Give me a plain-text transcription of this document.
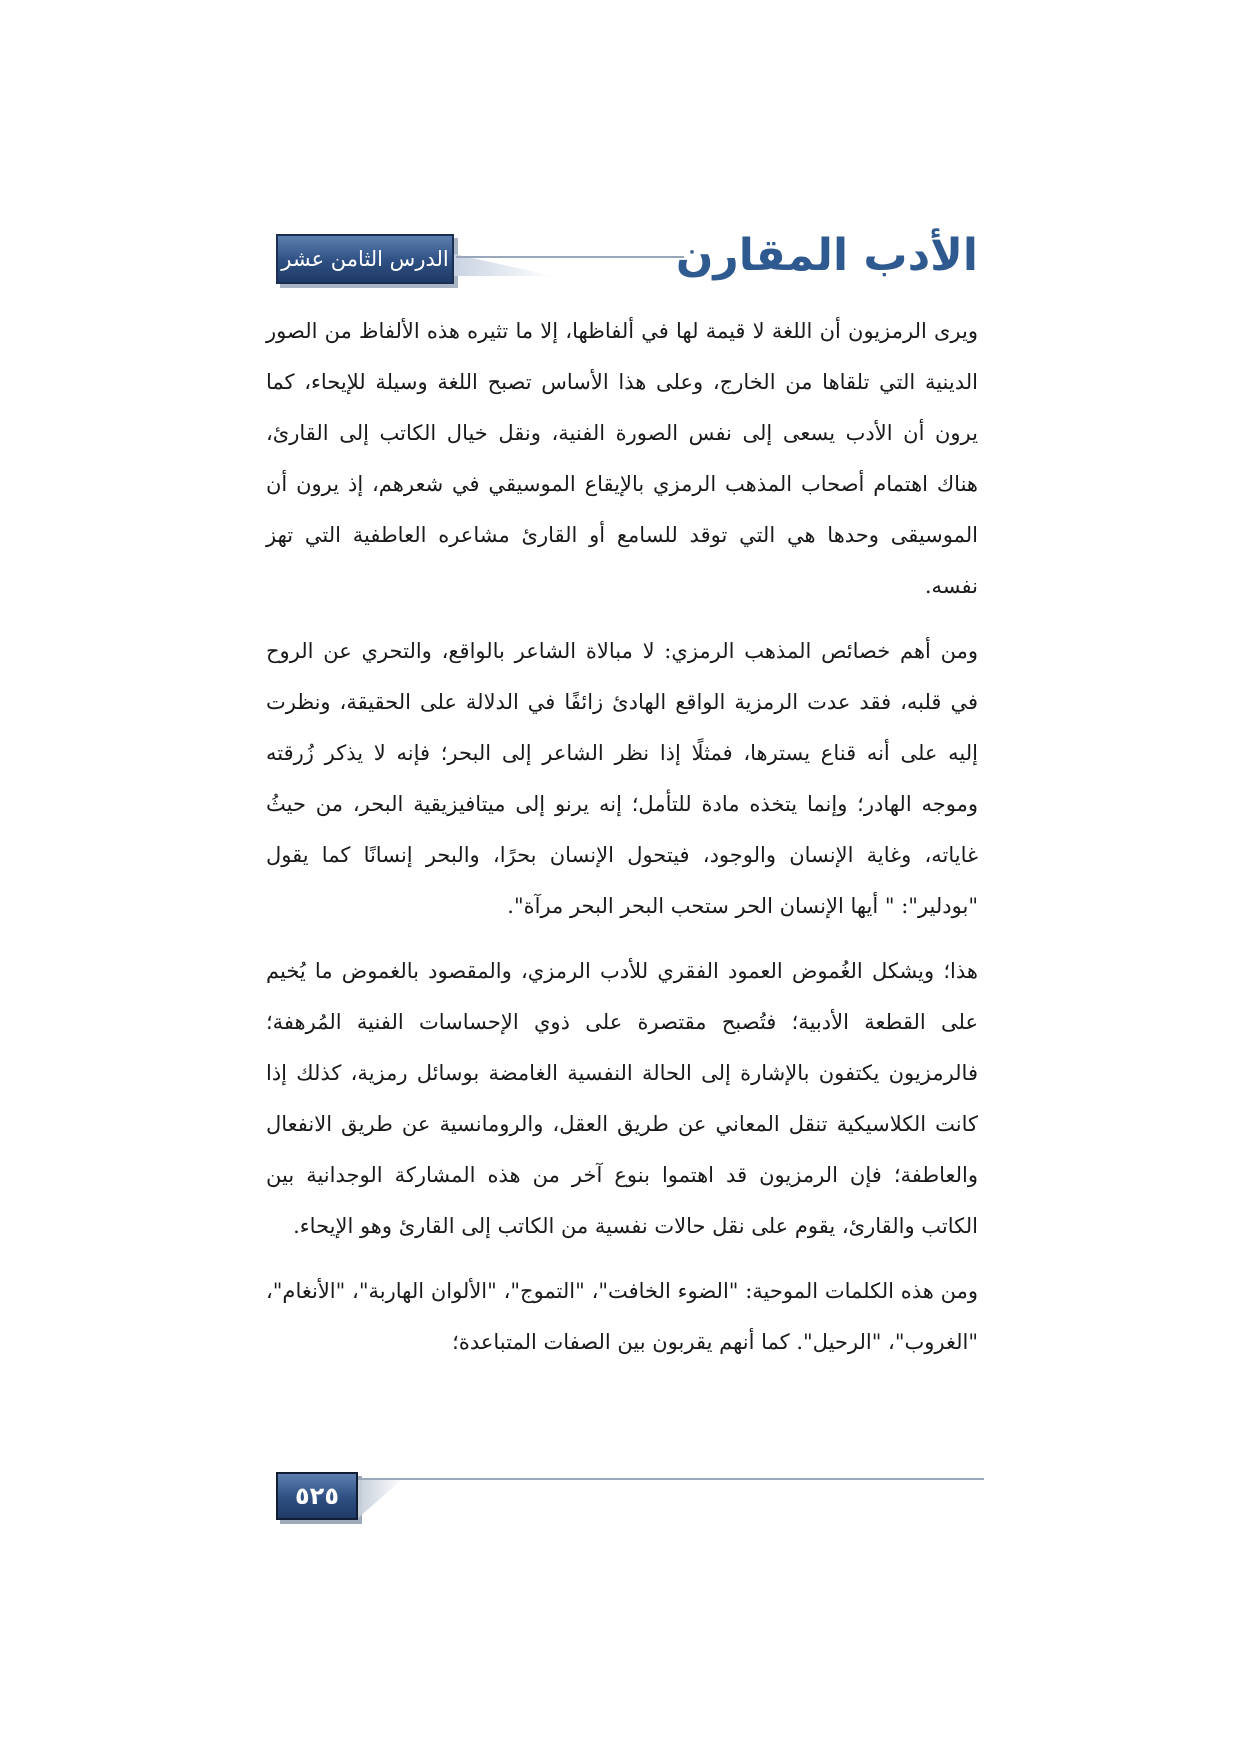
الدرس الثامن عشر	الأدب المقارن

ويرى الرمزيون أن اللغة لا قيمة لها في ألفاظها، إلا ما تثيره هذه الألفاظ من الصور الدينية التي تلقاها من الخارج، وعلى هذا الأساس تصبح اللغة وسيلة للإيحاء، كما يرون أن الأدب يسعى إلى نفس الصورة الفنية، ونقل خيال الكاتب إلى القارئ، هناك اهتمام أصحاب المذهب الرمزي بالإيقاع الموسيقي في شعرهم، إذ يرون أن الموسيقى وحدها هي التي توقد للسامع أو القارئ مشاعره العاطفية التي تهز نفسه.

ومن أهم خصائص المذهب الرمزي: لا مبالاة الشاعر بالواقع، والتحري عن الروح في قلبه، فقد عدت الرمزية الواقع الهادئ زائفًا في الدلالة على الحقيقة، ونظرت إليه على أنه قناع يسترها، فمثلًا إذا نظر الشاعر إلى البحر؛ فإنه لا يذكر زُرقته وموجه الهادر؛ وإنما يتخذه مادة للتأمل؛ إنه يرنو إلى ميتافيزيقية البحر، من حيثُ غاياته، وغاية الإنسان والوجود، فيتحول الإنسان بحرًا، والبحر إنسانًا كما يقول "بودلير": " أيها الإنسان الحر ستحب البحر البحر مرآة".

هذا؛ ويشكل الغُموض العمود الفقري للأدب الرمزي، والمقصود بالغموض ما يُخيم على القطعة الأدبية؛ فتُصبح مقتصرة على ذوي الإحساسات الفنية المُرهفة؛ فالرمزيون يكتفون بالإشارة إلى الحالة النفسية الغامضة بوسائل رمزية، كذلك إذا كانت الكلاسيكية تنقل المعاني عن طريق العقل، والرومانسية عن طريق الانفعال والعاطفة؛ فإن الرمزيون قد اهتموا بنوع آخر من هذه المشاركة الوجدانية بين الكاتب والقارئ، يقوم على نقل حالات نفسية من الكاتب إلى القارئ وهو الإيحاء.

ومن هذه الكلمات الموحية: "الضوء الخافت"، "التموج"، "الألوان الهاربة"، "الأنغام"، "الغروب"، "الرحيل". كما أنهم يقربون بين الصفات المتباعدة؛

٥٢٥
